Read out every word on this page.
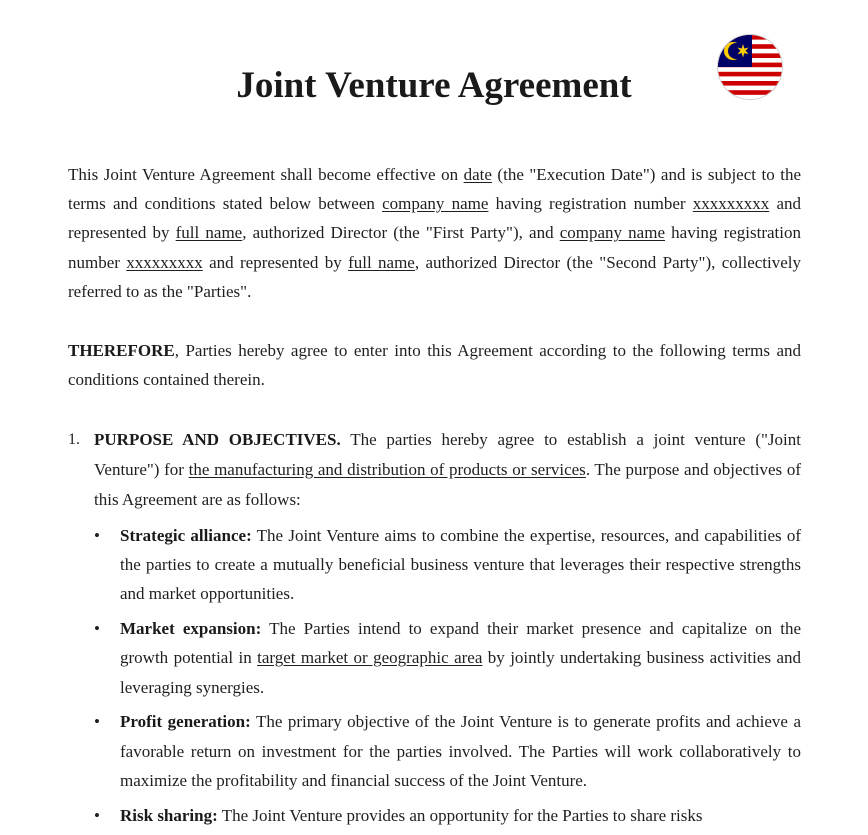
Joint Venture Agreement

This Joint Venture Agreement shall become effective on date (the "Execution Date") and is subject to the terms and conditions stated below between company name having registration number xxxxxxxxx and represented by full name, authorized Director (the "First Party"), and company name having registration number xxxxxxxxx and represented by full name, authorized Director (the "Second Party"), collectively referred to as the "Parties".

THEREFORE, Parties hereby agree to enter into this Agreement according to the following terms and conditions contained therein.

1. PURPOSE AND OBJECTIVES. The parties hereby agree to establish a joint venture ("Joint Venture") for the manufacturing and distribution of products or services. The purpose and objectives of this Agreement are as follows:
• Strategic alliance: The Joint Venture aims to combine the expertise, resources, and capabilities of the parties to create a mutually beneficial business venture that leverages their respective strengths and market opportunities.
• Market expansion: The Parties intend to expand their market presence and capitalize on the growth potential in target market or geographic area by jointly undertaking business activities and leveraging synergies.
• Profit generation: The primary objective of the Joint Venture is to generate profits and achieve a favorable return on investment for the parties involved. The Parties will work collaboratively to maximize the profitability and financial success of the Joint Venture.
• Risk sharing: The Joint Venture provides an opportunity for the Parties to share risks
